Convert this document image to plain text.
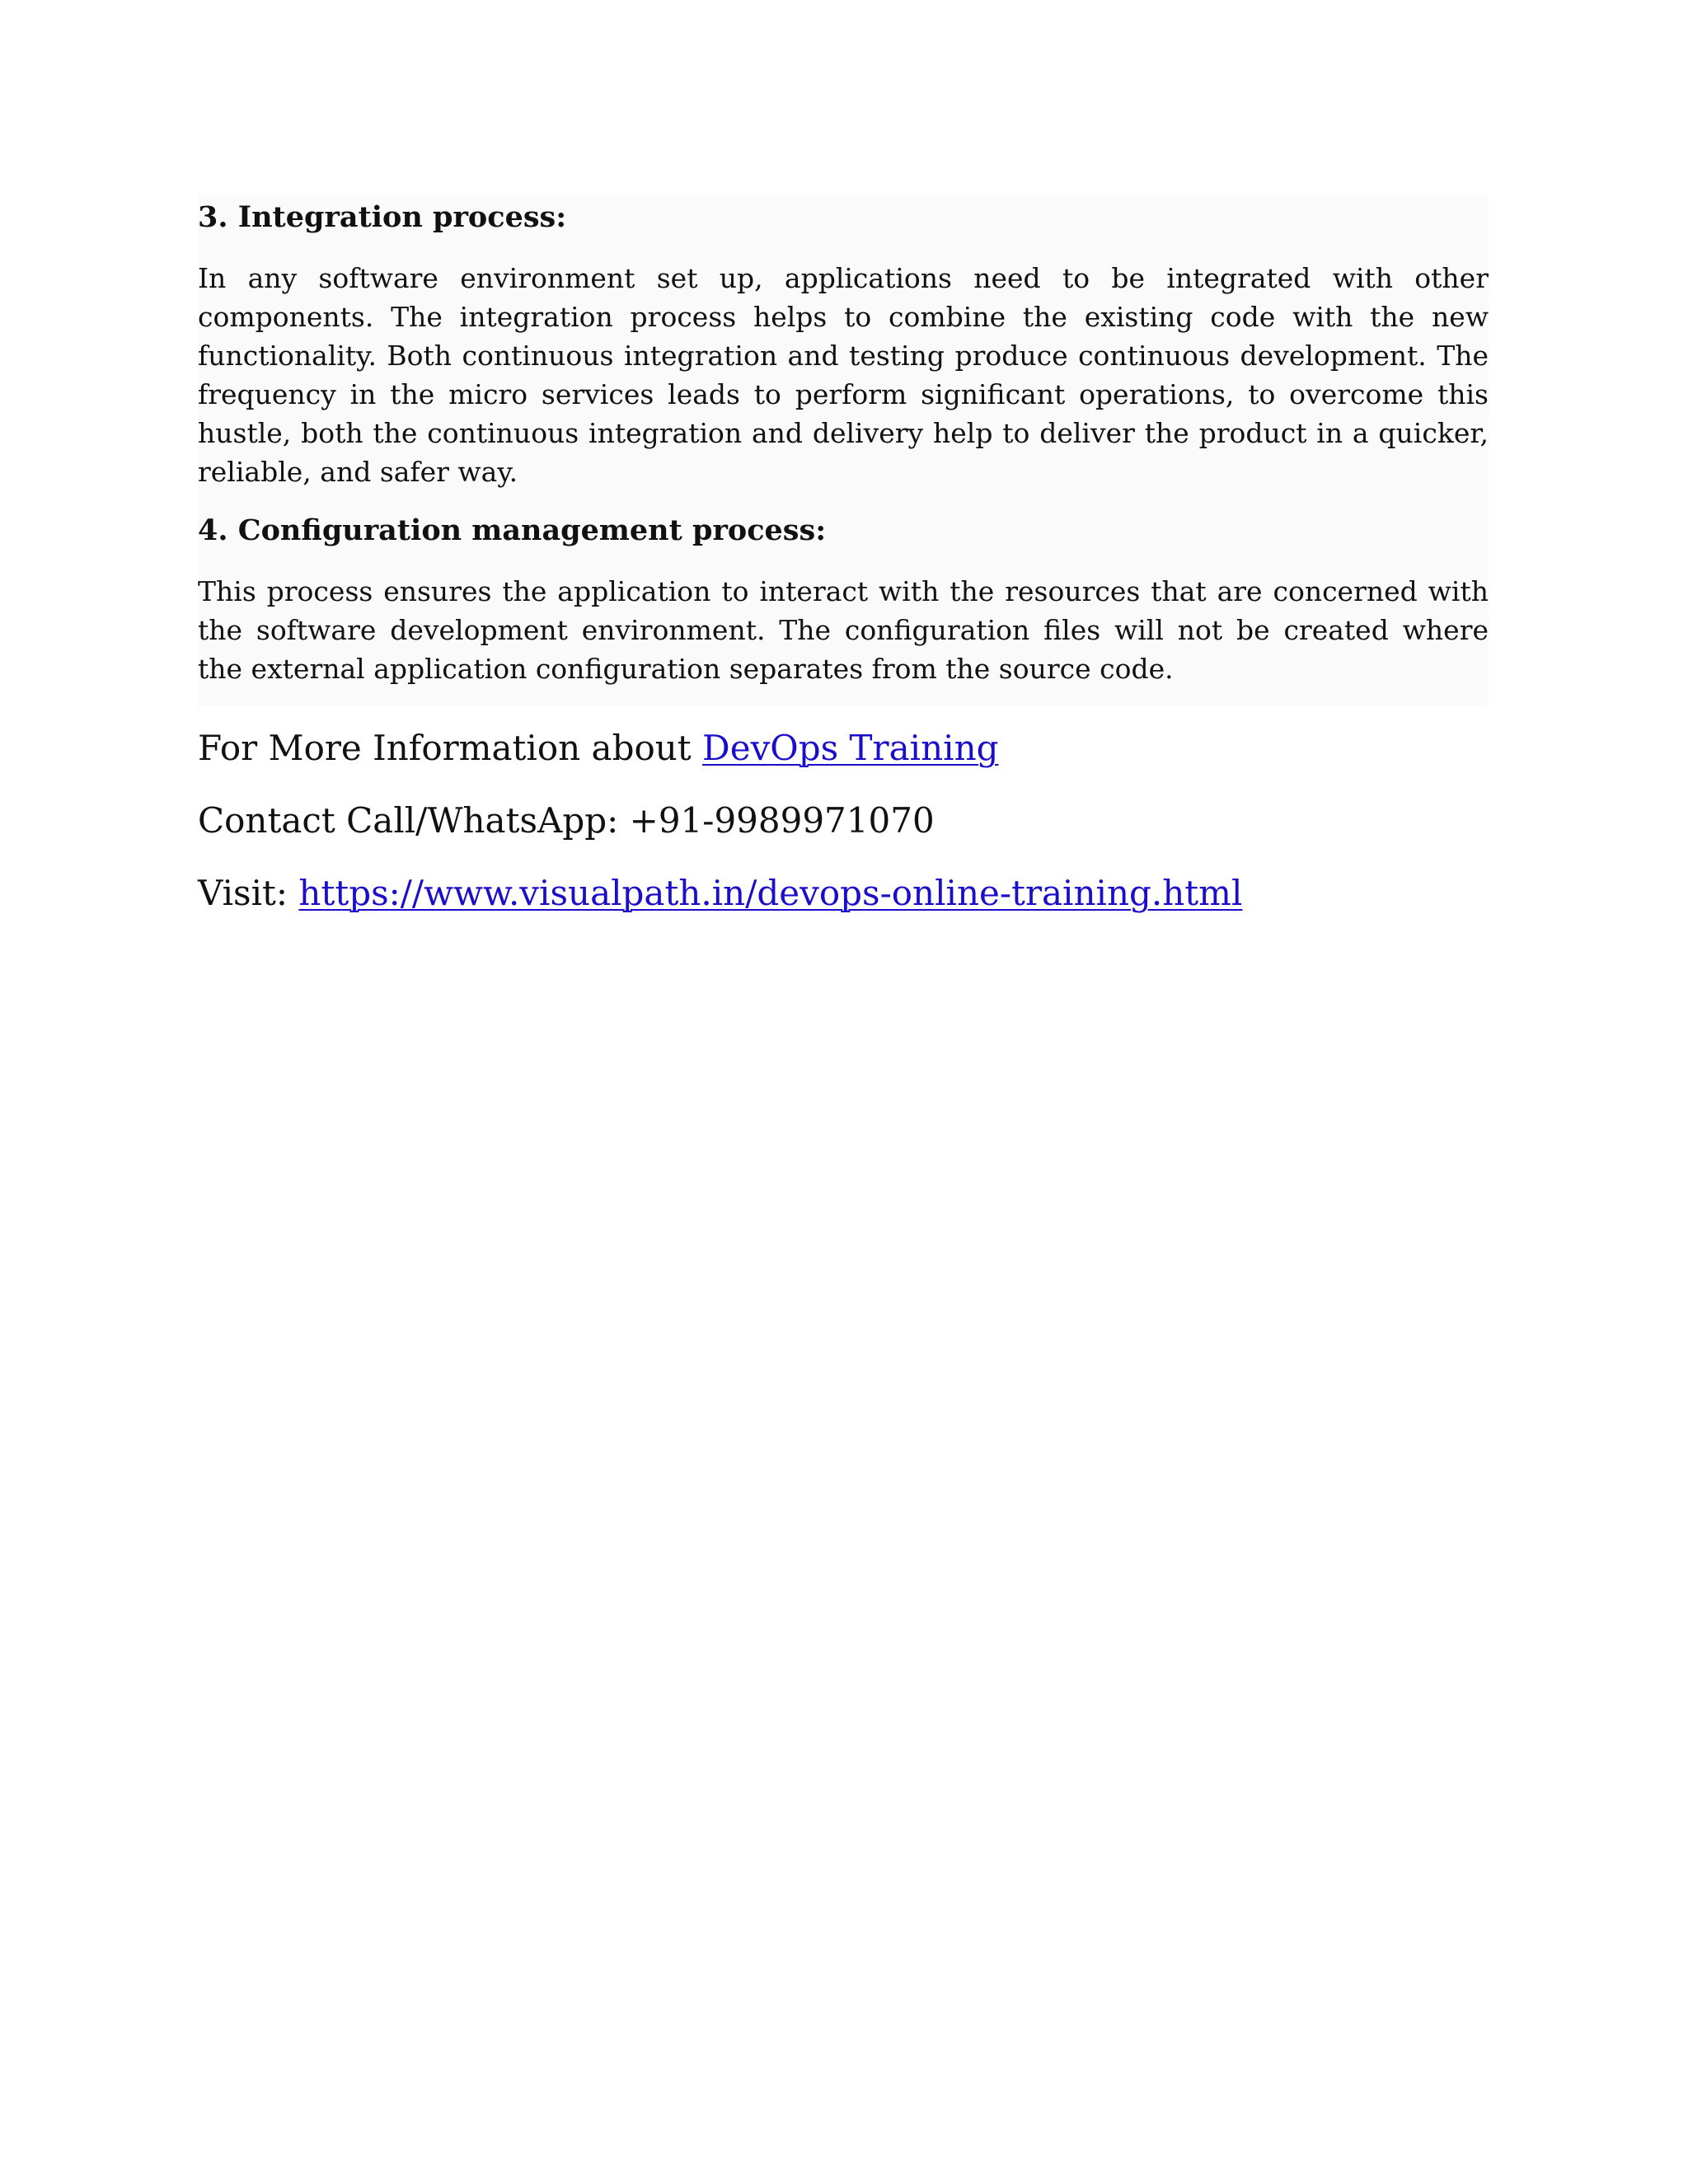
3. Integration process:
In any software environment set up, applications need to be integrated with other
components. The integration process helps to combine the existing code with the new
functionality. Both continuous integration and testing produce continuous development. The
frequency in the micro services leads to perform significant operations, to overcome this
hustle, both the continuous integration and delivery help to deliver the product in a quicker,
reliable, and safer way.
4. Configuration management process:
This process ensures the application to interact with the resources that are concerned with
the software development environment. The configuration files will not be created where
the external application configuration separates from the source code.
For More Information about DevOps Training
Contact Call/WhatsApp: +91-9989971070
Visit: https://www.visualpath.in/devops-online-training.html
